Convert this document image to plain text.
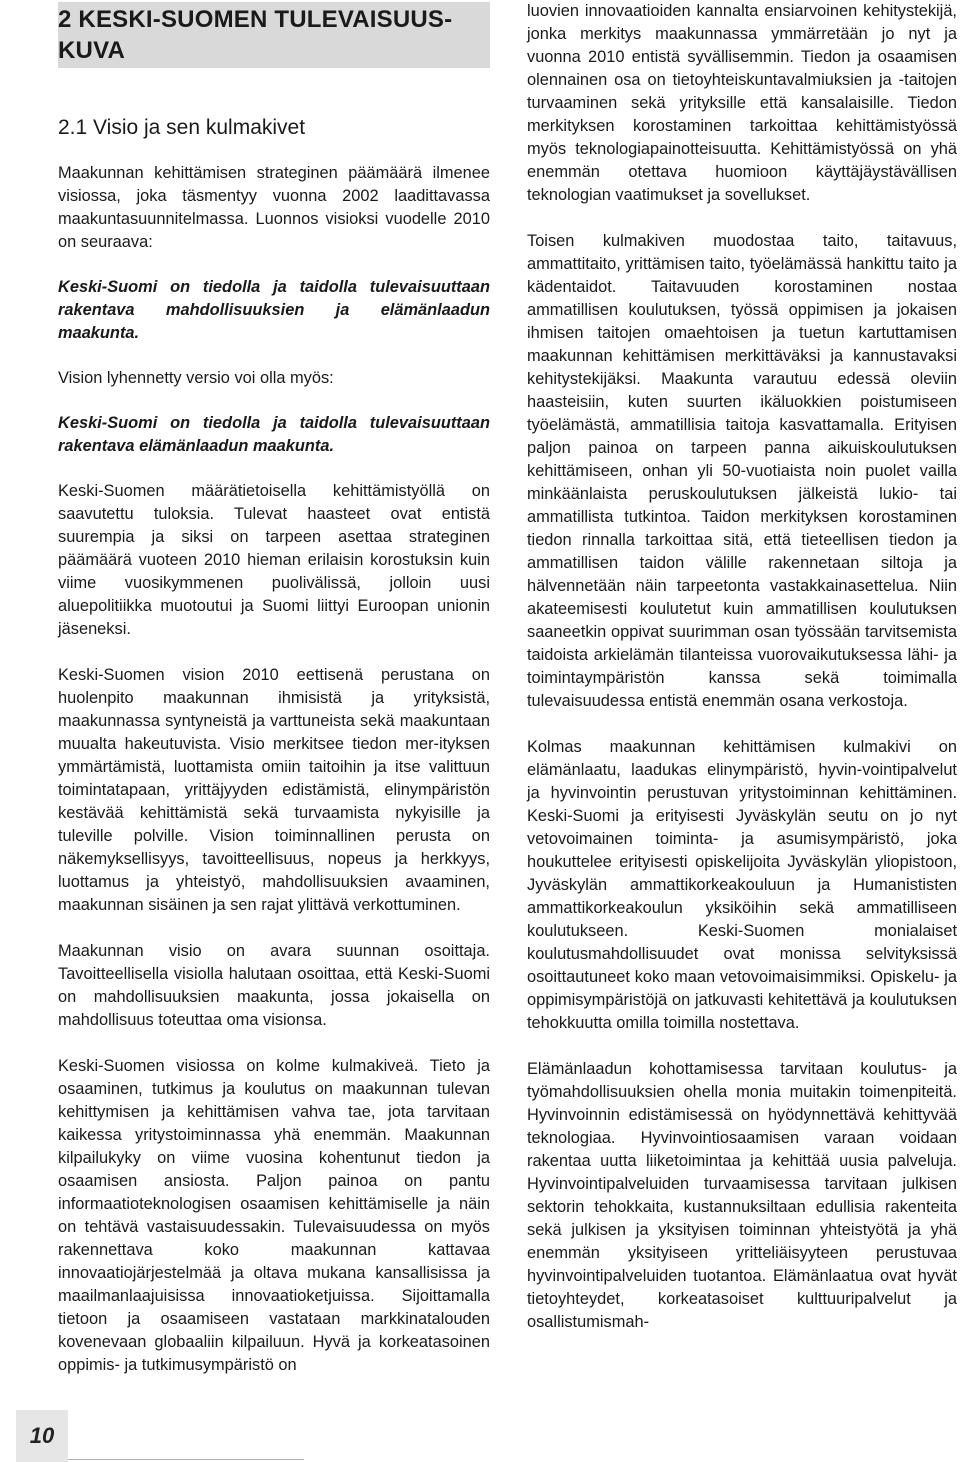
2 KESKI-SUOMEN TULEVAISUUS-KUVA
2.1 Visio ja sen kulmakivet

Maakunnan kehittämisen strateginen päämäärä ilmenee visiossa, joka täsmentyy vuonna 2002 laadittavassa maakuntasuunnitelmassa. Luonnos visioksi vuodelle 2010 on seuraava:

Keski-Suomi on tiedolla ja taidolla tulevaisuuttaan rakentava mahdollisuuksien ja elämänlaadun maakunta.

Vision lyhennetty versio voi olla myös:

Keski-Suomi on tiedolla ja taidolla tulevaisuuttaan rakentava elämänlaadun maakunta.

Keski-Suomen määrätietoisella kehittämistyöllä on saavutettu tuloksia. Tulevat haasteet ovat entistä suurempia ja siksi on tarpeen asettaa strateginen päämäärä vuoteen 2010 hieman erilaisin korostuksin kuin viime vuosikymmenen puolivälissä, jolloin uusi aluepolitiikka muotoutui ja Suomi liittyi Euroopan unionin jäseneksi.

Keski-Suomen vision 2010 eettisenä perustana on huolenpito maakunnan ihmisistä ja yrityksistä, maakunnassa syntyneistä ja varttuneista sekä maakuntaan muualta hakeutuvista. Visio merkitsee tiedon mer-ityksen ymmärtämistä, luottamista omiin taitoihin ja itse valittuun toimintatapaan, yrittäjyyden edistämistä, elinympäristön kestävää kehittämistä sekä turvaamista nykyisille ja tuleville polville. Vision toiminnallinen perusta on näkemyksellisyys, tavoitteellisuus, nopeus ja herkkyys, luottamus ja yhteistyö, mahdollisuuksien avaaminen, maakunnan sisäinen ja sen rajat ylittävä verkottuminen.

Maakunnan visio on avara suunnan osoittaja. Tavoitteellisella visiolla halutaan osoittaa, että Keski-Suomi on mahdollisuuksien maakunta, jossa jokaisella on mahdollisuus toteuttaa oma visionsa.

Keski-Suomen visiossa on kolme kulmakiveä. Tieto ja osaaminen, tutkimus ja koulutus on maakunnan tulevan kehittymisen ja kehittämisen vahva tae, jota tarvitaan kaikessa yritystoiminnassa yhä enemmän. Maakunnan kilpailukyky on viime vuosina kohentunut tiedon ja osaamisen ansiosta. Paljon painoa on pantu informaatioteknologisen osaamisen kehittämiselle ja näin on tehtävä vastaisuudessakin. Tulevaisuudessa on myös rakennettava koko maakunnan kattavaa innovaatiojärjestelmää ja oltava mukana kansallisissa ja maailmanlaajuisissa innovaatioketjuissa. Sijoittamalla tietoon ja osaamiseen vastataan markkinatalouden kovenevaan globaaliin kilpailuun. Hyvä ja korkeatasoinen oppimis- ja tutkimusympäristö on

luovien innovaatioiden kannalta ensiarvoinen kehitystekijä, jonka merkitys maakunnassa ymmärretään jo nyt ja vuonna 2010 entistä syvällisemmin. Tiedon ja osaamisen olennainen osa on tietoyhteiskuntavalmiuksien ja -taitojen turvaaminen sekä yrityksille että kansalaisille. Tiedon merkityksen korostaminen tarkoittaa kehittämistyössä myös teknologiapainotteisuutta. Kehittämistyössä on yhä enemmän otettava huomioon käyttäjäystävällisen teknologian vaatimukset ja sovellukset.

Toisen kulmakiven muodostaa taito, taitavuus, ammattitaito, yrittämisen taito, työelämässä hankittu taito ja kädentaidot. Taitavuuden korostaminen nostaa ammatillisen koulutuksen, työssä oppimisen ja jokaisen ihmisen taitojen omaehtoisen ja tuetun kartuttamisen maakunnan kehittämisen merkittäväksi ja kannustavaksi kehitystekijäksi. Maakunta varautuu edessä oleviin haasteisiin, kuten suurten ikäluokkien poistumiseen työelämästä, ammatillisia taitoja kasvattamalla. Erityisen paljon painoa on tarpeen panna aikuiskoulutuksen kehittämiseen, onhan yli 50-vuotiaista noin puolet vailla minkäänlaista peruskoulutuksen jälkeistä lukio- tai ammatillista tutkintoa. Taidon merkityksen korostaminen tiedon rinnalla tarkoittaa sitä, että tieteellisen tiedon ja ammatillisen taidon välille rakennetaan siltoja ja hälvennetään näin tarpeetonta vastakkainasettelua. Niin akateemisesti koulutetut kuin ammatillisen koulutuksen saaneetkin oppivat suurimman osan työssään tarvitsemista taidoista arkielämän tilanteissa vuorovaikutuksessa lähi- ja toimintaympäristön kanssa sekä toimimalla tulevaisuudessa entistä enemmän osana verkostoja.

Kolmas maakunnan kehittämisen kulmakivi on elämänlaatu, laadukas elinympäristö, hyvin-vointipalvelut ja hyvinvointin perustuvan yritystoiminnan kehittäminen. Keski-Suomi ja erityisesti Jyväskylän seutu on jo nyt vetovoimainen toiminta- ja asumisympäristö, joka houkuttelee erityisesti opiskelijoita Jyväskylän yliopistoon, Jyväskylän ammattikorkeakouluun ja Humanististen ammattikorkeakoulun yksiköihin sekä ammatilliseen koulutukseen. Keski-Suomen monialaiset koulutusmahdollisuudet ovat monissa selvityksissä osoittautuneet koko maan vetovoimaisimmiksi. Opiskelu- ja oppimisympäristöjä on jatkuvasti kehitettävä ja koulutuksen tehokkuutta omilla toimilla nostettava.

Elämänlaadun kohottamisessa tarvitaan koulutus- ja työmahdollisuuksien ohella monia muitakin toimenpiteitä. Hyvinvoinnin edistämisessä on hyödynnettävä kehittyvää teknologiaa. Hyvinvointiosaamisen varaan voidaan rakentaa uutta liiketoimintaa ja kehittää uusia palveluja. Hyvinvointipalveluiden turvaamisessa tarvitaan julkisen sektorin tehokkaita, kustannuksiltaan edullisia rakenteita sekä julkisen ja yksityisen toiminnan yhteistyötä ja yhä enemmän yksityiseen yritteliäisyyteen perustuvaa hyvinvointipalveluiden tuotantoa. Elämänlaatua ovat hyvät tietoyhteydet, korkeatasoiset kulttuuripalvelut ja osallistumismah-

10
